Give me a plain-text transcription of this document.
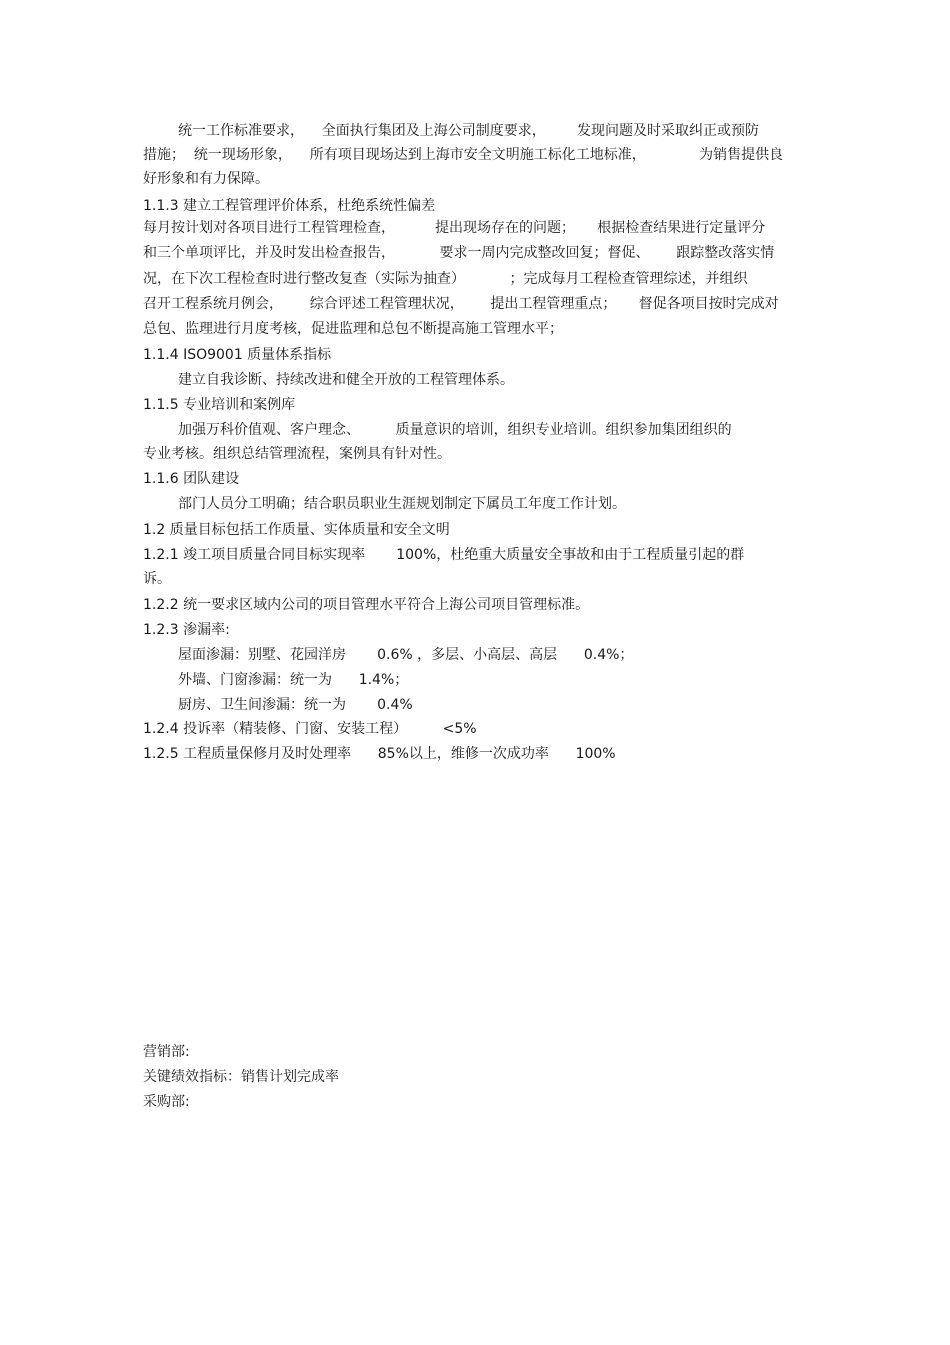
统一工作标准要求，    全面执行集团及上海公司制度要求，       发现问题及时采取纠正或预防

措施；  统一现场形象，    所有项目现场达到上海市安全文明施工标化工地标准，            为销售提供良

好形象和有力保障。

1.1.3 建立工程管理评价体系，杜绝系统性偏差

每月按计划对各项目进行工程管理检查，         提出现场存在的问题；     根据检查结果进行定量评分

和三个单项评比，并及时发出检查报告，          要求一周内完成整改回复；督促、      跟踪整改落实情

况，在下次工程检查时进行整改复查（实际为抽查）          ；完成每月工程检查管理综述，并组织

召开工程系统月例会，      综合评述工程管理状况，      提出工程管理重点；     督促各项目按时完成对

总包、监理进行月度考核，促进监理和总包不断提高施工管理水平；

1.1.4 ISO9001 质量体系指标

建立自我诊断、持续改进和健全开放的工程管理体系。

1.1.5 专业培训和案例库

加强万科价值观、客户理念、        质量意识的培训，组织专业培训。组织参加集团组织的

专业考核。组织总结管理流程，案例具有针对性。

1.1.6 团队建设

部门人员分工明确；结合职员职业生涯规划制定下属员工年度工作计划。

1.2 质量目标包括工作质量、实体质量和安全文明

1.2.1 竣工项目质量合同目标实现率       100%，杜绝重大质量安全事故和由于工程质量引起的群

诉。

1.2.2 统一要求区域内公司的项目管理水平符合上海公司项目管理标准。

1.2.3 渗漏率:

屋面渗漏：别墅、花园洋房       0.6% ，多层、小高层、高层      0.4%；

外墙、门窗渗漏：统一为      1.4%；

厨房、卫生间渗漏：统一为       0.4%

1.2.4 投诉率（精装修、门窗、安装工程）        <5%

1.2.5 工程质量保修月及时处理率      85%以上，维修一次成功率      100%

营销部:

关键绩效指标：销售计划完成率

采购部:
